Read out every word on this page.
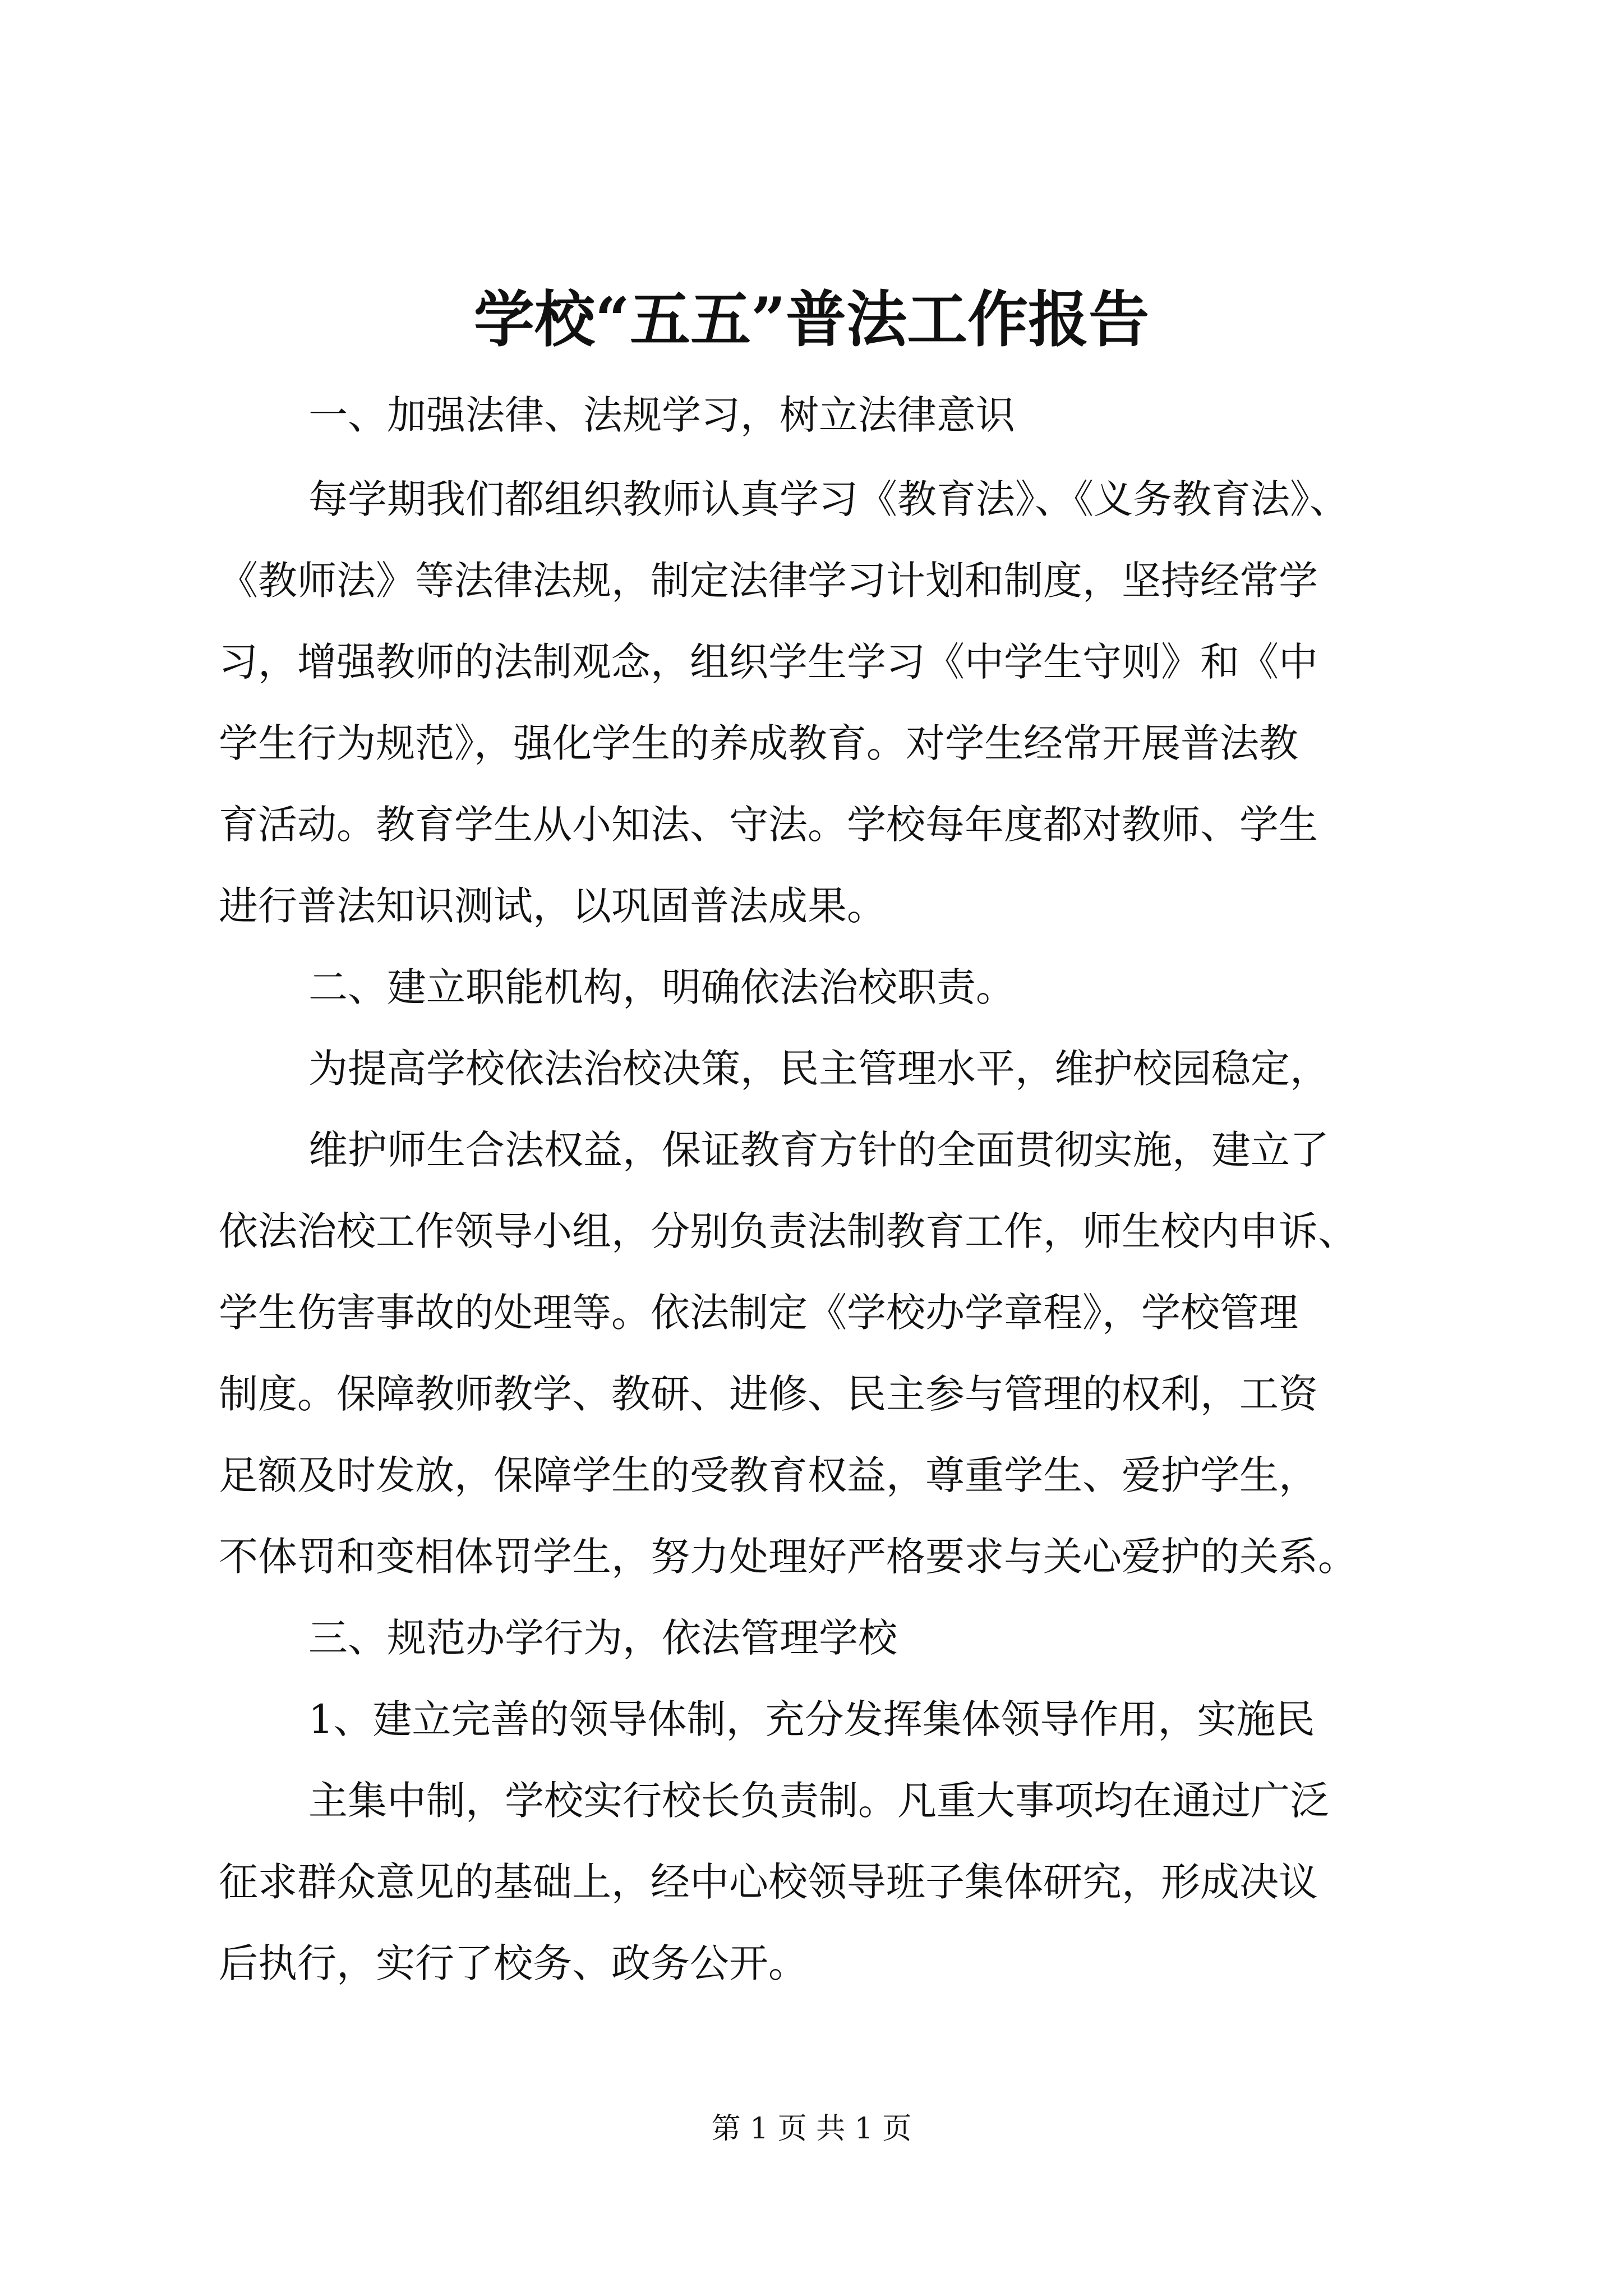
学校“五五”普法工作报告
一、加强法律、法规学习，树立法律意识
每学期我们都组织教师认真学习《教育法》、《义务教育法》、
《教师法》等法律法规，制定法律学习计划和制度，坚持经常学
习，增强教师的法制观念，组织学生学习《中学生守则》和《中
学生行为规范》，强化学生的养成教育。对学生经常开展普法教
育活动。教育学生从小知法、守法。学校每年度都对教师、学生
进行普法知识测试，以巩固普法成果。
二、建立职能机构，明确依法治校职责。
为提高学校依法治校决策，民主管理水平，维护校园稳定，
维护师生合法权益，保证教育方针的全面贯彻实施，建立了
依法治校工作领导小组，分别负责法制教育工作，师生校内申诉、
学生伤害事故的处理等。依法制定《学校办学章程》，学校管理
制度。保障教师教学、教研、进修、民主参与管理的权利，工资
足额及时发放，保障学生的受教育权益，尊重学生、爱护学生，
不体罚和变相体罚学生，努力处理好严格要求与关心爱护的关系。
三、规范办学行为，依法管理学校
1、建立完善的领导体制，充分发挥集体领导作用，实施民
主集中制，学校实行校长负责制。凡重大事项均在通过广泛
征求群众意见的基础上，经中心校领导班子集体研究，形成决议
后执行，实行了校务、政务公开。
第 1 页 共 1 页
